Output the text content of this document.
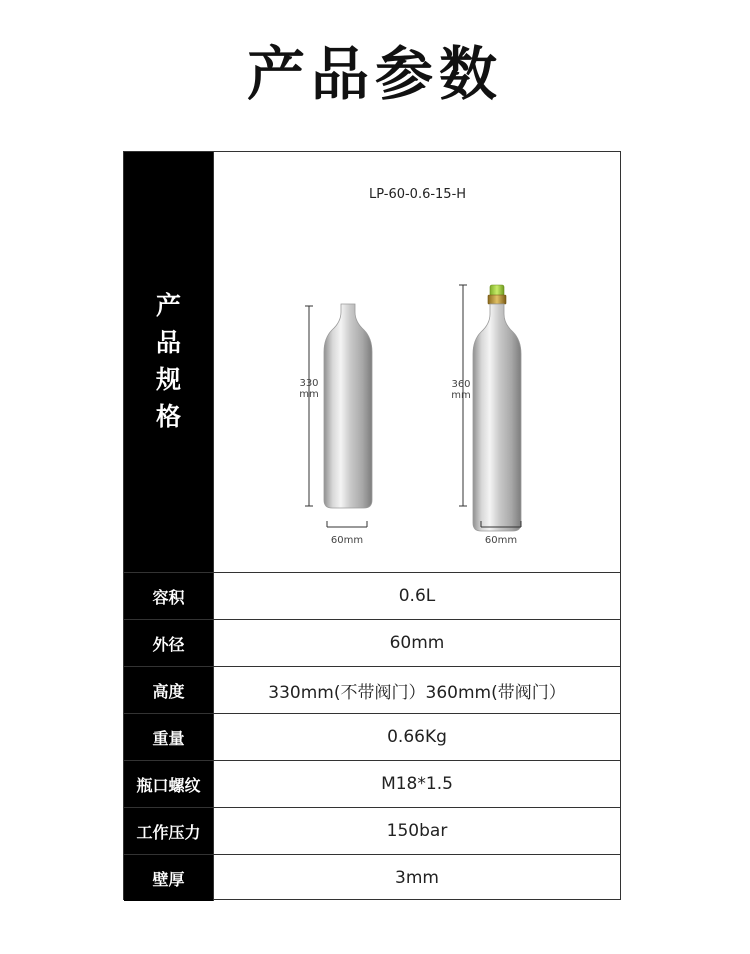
产品参数
产
品
规
格
LP-60-0.6-15-H
330
mm
60mm
360
mm
60mm
容积	0.6L
外径	60mm
高度	330mm(不带阀门）360mm(带阀门）
重量	0.66Kg
瓶口螺纹	M18*1.5
工作压力	150bar
壁厚	3mm
